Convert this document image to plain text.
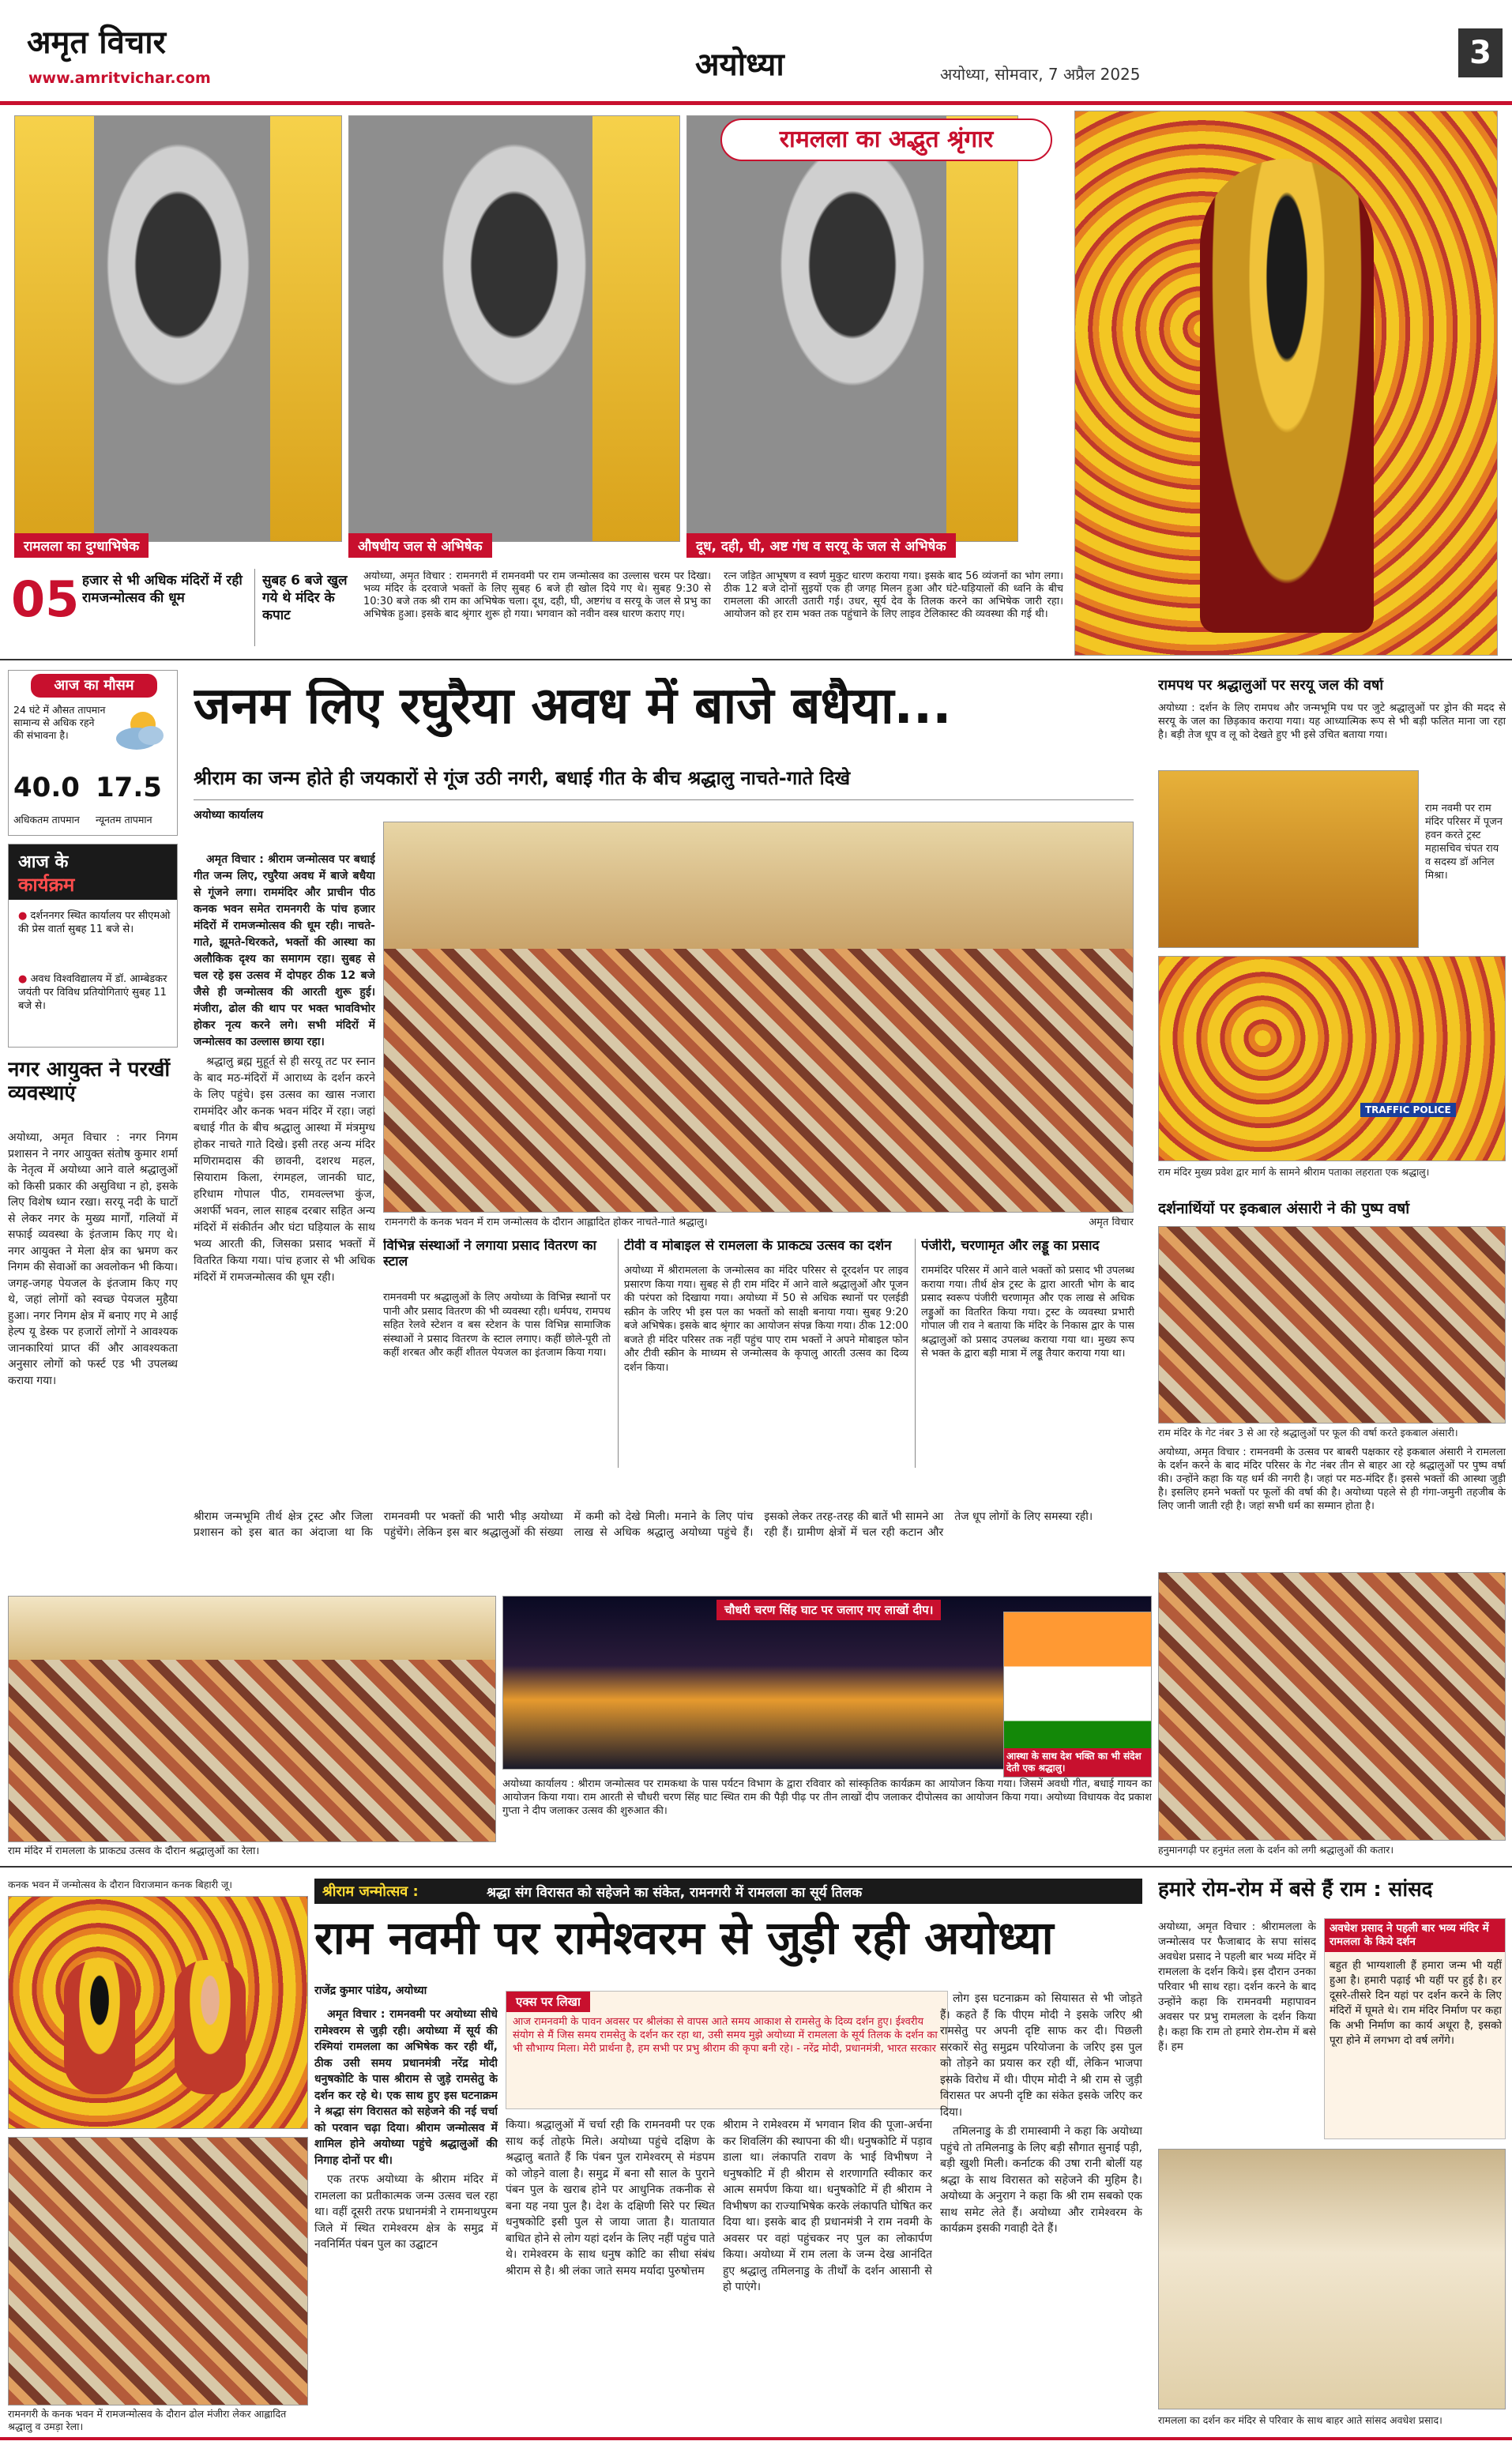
अमृत विचार
www.amritvichar.com	अयोध्या	अयोध्या, सोमवार, 7 अप्रैल 2025
3
रामलला का अद्भुत श्रृंगार
रामलला का दुग्धाभिषेक	औषधीय जल से अभिषेक	दूध, दही, घी, अष्ट गंध व सरयू के जल से अभिषेक
05 हजार से भी अधिक मंदिरों में रही रामजन्मोत्सव की धूम
सुबह 6 बजे खुल गये थे मंदिर के कपाट
अयोध्या, अमृत विचार : रामनगरी में रामनवमी पर राम जन्मोत्सव का उल्लास चरम पर दिखा। भव्य मंदिर के दरवाजे भक्तों के लिए सुबह 6 बजे ही खोल दिये गए थे। सुबह 9:30 से 10:30 बजे तक श्री राम का अभिषेक चला। दूध, दही, घी, अष्टगंध व सरयू के जल से प्रभु का अभिषेक हुआ। इसके बाद श्रृंगार शुरू हो गया। भगवान को नवीन वस्त्र धारण कराए गए।
रत्न जड़ित आभूषण व स्वर्ण मुकुट धारण कराया गया। इसके बाद 56 व्यंजनों का भोग लगा। ठीक 12 बजे दोनों सुइयों एक ही जगह मिलन हुआ और घंटे-घड़ियालों की ध्वनि के बीच रामलला की आरती उतारी गई। उधर, सूर्य देव के तिलक करने का अभिषेक जारी रहा। आयोजन को हर राम भक्त तक पहुंचाने के लिए लाइव टेलिकास्ट की व्यवस्था की गई थी।
आज का मौसम
24 घंटे में औसत तापमान सामान्य से अधिक रहने की संभावना है।
40.0 17.5
अधिकतम तापमान न्यूनतम तापमान
आज के
कार्यक्रम
● दर्शननगर स्थित कार्यालय पर सीएमओ की प्रेस वार्ता सुबह 11 बजे से।
● अवध विश्वविद्यालय में डॉ. आम्बेडकर जयंती पर विविध प्रतियोगिताएं सुबह 11 बजे से।
नगर आयुक्त ने परखीं व्यवस्थाएं
अयोध्या, अमृत विचार : नगर निगम प्रशासन ने नगर आयुक्त संतोष कुमार शर्मा के नेतृत्व में अयोध्या आने वाले श्रद्धालुओं को किसी प्रकार की असुविधा न हो, इसके लिए विशेष ध्यान रखा। सरयू नदी के घाटों से लेकर नगर के मुख्य मार्गों, गलियों में सफाई व्यवस्था के इंतजाम किए गए थे। नगर आयुक्त ने मेला क्षेत्र का भ्रमण कर निगम की सेवाओं का अवलोकन भी किया। जगह-जगह पेयजल के इंतजाम किए गए थे, जहां लोगों को स्वच्छ पेयजल मुहैया हुआ। नगर निगम क्षेत्र में बनाए गए मे आई हेल्प यू डेस्क पर हजारों लोगों ने आवश्यक जानकारियां प्राप्त कीं और आवश्यकता अनुसार लोगों को फर्स्ट एड भी उपलब्ध कराया गया।
जनम लिए रघुरैया अवध में बाजे बधैया...
श्रीराम का जन्म होते ही जयकारों से गूंज उठी नगरी, बधाई गीत के बीच श्रद्धालु नाचते-गाते दिखे
अयोध्या कार्यालय

अमृत विचार : श्रीराम जन्मोत्सव पर बधाई गीत जन्म लिए, रघुरैया अवध में बाजे बधैया से गूंजने लगा। राममंदिर और प्राचीन पीठ कनक भवन समेत रामनगरी के पांच हजार मंदिरों में रामजन्मोत्सव की धूम रही। नाचते-गाते, झूमते-थिरकते, भक्तों की आस्था का अलौकिक दृश्य का समागम रहा। सुबह से चल रहे इस उत्सव में दोपहर ठीक 12 बजे जैसे ही जन्मोत्सव की आरती शुरू हुई। मंजीरा, ढोल की थाप पर भक्त भावविभोर होकर नृत्य करने लगे। सभी मंदिरों में जन्मोत्सव का उल्लास छाया रहा।

श्रद्धालु ब्रह्म मुहूर्त से ही सरयू तट पर स्नान के बाद मठ-मंदिरों में आराध्य के दर्शन करने के लिए पहुंचे। इस उत्सव का खास नजारा राममंदिर और कनक भवन मंदिर में रहा। जहां बधाई गीत के बीच श्रद्धालु आस्था में मंत्रमुग्ध होकर नाचते गाते दिखे। इसी तरह अन्य मंदिर मणिरामदास की छावनी, दशरथ महल, सियाराम किला, रंगमहल, जानकी घाट, हरिधाम गोपाल पीठ, रामवल्लभा कुंज, अशर्फी भवन, लाल साहब दरबार सहित अन्य मंदिरों में संकीर्तन और घंटा घड़ियाल के साथ भव्य आरती की, जिसका प्रसाद भक्तों में वितरित किया गया। पांच हजार से भी अधिक मंदिरों में रामजन्मोत्सव की धूम रही।

रामनगरी के कनक भवन में राम जन्मोत्सव के दौरान आह्लादित होकर नाचते-गाते श्रद्धालु।	अमृत विचार
विभिन्न संस्थाओं ने लगाया प्रसाद वितरण का स्टाल
रामनवमी पर श्रद्धालुओं के लिए अयोध्या के विभिन्न स्थानों पर पानी और प्रसाद वितरण की भी व्यवस्था रही। धर्मपथ, रामपथ सहित रेलवे स्टेशन व बस स्टेशन के पास विभिन्न सामाजिक संस्थाओं ने प्रसाद वितरण के स्टाल लगाए। कहीं छोले-पूरी तो कहीं शरबत और कहीं शीतल पेयजल का इंतजाम किया गया।
टीवी व मोबाइल से रामलला के प्राकट्य उत्सव का दर्शन
अयोध्या में श्रीरामलला के जन्मोत्सव का मंदिर परिसर से दूरदर्शन पर लाइव प्रसारण किया गया। सुबह से ही राम मंदिर में आने वाले श्रद्धालुओं और पूजन की परंपरा को दिखाया गया। अयोध्या में 50 से अधिक स्थानों पर एलईडी स्क्रीन के जरिए भी इस पल का भक्तों को साक्षी बनाया गया। सुबह 9:20 बजे अभिषेक। इसके बाद श्रृंगार का आयोजन संपन्न किया गया। ठीक 12:00 बजते ही मंदिर परिसर तक नहीं पहुंच पाए राम भक्तों ने अपने मोबाइल फोन और टीवी स्क्रीन के माध्यम से जन्मोत्सव के कृपालु आरती उत्सव का दिव्य दर्शन किया।
पंजीरी, चरणामृत और लड्डू का प्रसाद
राममंदिर परिसर में आने वाले भक्तों को प्रसाद भी उपलब्ध कराया गया। तीर्थ क्षेत्र ट्रस्ट के द्वारा आरती भोग के बाद प्रसाद स्वरूप पंजीरी चरणामृत और एक लाख से अधिक लड्डुओं का वितरित किया गया। ट्रस्ट के व्यवस्था प्रभारी गोपाल जी राव ने बताया कि मंदिर के निकास द्वार के पास श्रद्धालुओं को प्रसाद उपलब्ध कराया गया था। मुख्य रूप से भक्त के द्वारा बड़ी मात्रा में लड्डू तैयार कराया गया था।
श्रीराम जन्मभूमि तीर्थ क्षेत्र ट्रस्ट और जिला प्रशासन को इस बात का अंदाजा था कि रामनवमी पर भक्तों की भारी भीड़ अयोध्या पहुंचेंगे। लेकिन इस बार श्रद्धालुओं की संख्या में कमी को देखे मिली। मनाने के लिए पांच लाख से अधिक श्रद्धालु अयोध्या पहुंचे हैं। इसको लेकर तरह-तरह की बातें भी सामने आ रही हैं। ग्रामीण क्षेत्रों में चल रही कटान और तेज धूप लोगों के लिए समस्या रही।
रामपथ पर श्रद्धालुओं पर सरयू जल की वर्षा
अयोध्या : दर्शन के लिए रामपथ और जन्मभूमि पथ पर जुटे श्रद्धालुओं पर ड्रोन की मदद से सरयू के जल का छिड़काव कराया गया। यह आध्यात्मिक रूप से भी बड़ी फलित माना जा रहा है। बड़ी तेज धूप व लू को देखते हुए भी इसे उचित बताया गया।
राम नवमी पर राम मंदिर परिसर में पूजन हवन करते ट्रस्ट महासचिव चंपत राय व सदस्य डॉ अनिल मिश्रा।
TRAFFIC POLICE
राम मंदिर मुख्य प्रवेश द्वार मार्ग के सामने श्रीराम पताका लहराता एक श्रद्धालु।
दर्शनार्थियों पर इकबाल अंसारी ने की पुष्प वर्षा
राम मंदिर के गेट नंबर 3 से आ रहे श्रद्धालुओं पर फूल की वर्षा करते इकबाल अंसारी।
अयोध्या, अमृत विचार : रामनवमी के उत्सव पर बाबरी पक्षकार रहे इकबाल अंसारी ने रामलला के दर्शन करने के बाद मंदिर परिसर के गेट नंबर तीन से बाहर आ रहे श्रद्धालुओं पर पुष्प वर्षा की। उन्होंने कहा कि यह धर्म की नगरी है। जहां पर मठ-मंदिर हैं। इससे भक्तों की आस्था जुड़ी है। इसलिए हमने भक्तों पर फूलों की वर्षा की है। अयोध्या पहले से ही गंगा-जमुनी तहजीब के लिए जानी जाती रही है। जहां सभी धर्म का सम्मान होता है।
हनुमानगढ़ी पर हनुमंत लला के दर्शन को लगी श्रद्धालुओं की कतार।
राम मंदिर में रामलला के प्राकट्य उत्सव के दौरान श्रद्धालुओं का रेला।
चौधरी चरण सिंह घाट पर जलाए गए लाखों दीप।
आस्था के साथ देश भक्ति का भी संदेश देती एक श्रद्धालु।
अयोध्या कार्यालय : श्रीराम जन्मोत्सव पर रामकथा के पास पर्यटन विभाग के द्वारा रविवार को सांस्कृतिक कार्यक्रम का आयोजन किया गया। जिसमें अवधी गीत, बधाई गायन का आयोजन किया गया। राम आरती से चौधरी चरण सिंह घाट स्थित राम की पैड़ी पीढ़ पर तीन लाखों दीप जलाकर दीपोत्सव का आयोजन किया गया। अयोध्या विधायक वेद प्रकाश गुप्ता ने दीप जलाकर उत्सव की शुरुआत की।
कनक भवन में जन्मोत्सव के दौरान विराजमान कनक बिहारी जू।
रामनगरी के कनक भवन में रामजन्मोत्सव के दौरान ढोल मंजीरा लेकर आह्लादित श्रद्धालु व उमड़ा रेला।
श्रीराम जन्मोत्सव :	श्रद्धा संग विरासत को सहेजने का संकेत, रामनगरी में रामलला का सूर्य तिलक
राम नवमी पर रामेश्वरम से जुड़ी रही अयोध्या
राजेंद्र कुमार पांडेय, अयोध्या
एक्स पर लिखा
आज रामनवमी के पावन अवसर पर श्रीलंका से वापस आते समय आकाश से रामसेतु के दिव्य दर्शन हुए। ईश्वरीय संयोग से मैं जिस समय रामसेतु के दर्शन कर रहा था, उसी समय मुझे अयोध्या में रामलला के सूर्य तिलक के दर्शन का भी सौभाग्य मिला। मेरी प्रार्थना है, हम सभी पर प्रभु श्रीराम की कृपा बनी रहे। - नरेंद्र मोदी, प्रधानमंत्री, भारत सरकार

अमृत विचार : रामनवमी पर अयोध्या सीधे रामेश्वरम से जुड़ी रही। अयोध्या में सूर्य की रश्मियां रामलला का अभिषेक कर रही थीं, ठीक उसी समय प्रधानमंत्री नरेंद्र मोदी धनुषकोटि के पास श्रीराम से जुड़े रामसेतु के दर्शन कर रहे थे। एक साथ हुए इस घटनाक्रम ने श्रद्धा संग विरासत को सहेजने की नई चर्चा को परवान चढ़ा दिया। श्रीराम जन्मोत्सव में शामिल होने अयोध्या पहुंचे श्रद्धालुओं की निगाह दोनों पर थी।

एक तरफ अयोध्या के श्रीराम मंदिर में रामलला का प्रतीकात्मक जन्म उत्सव चल रहा था। वहीं दूसरी तरफ प्रधानमंत्री ने रामनाथपुरम जिले में स्थित रामेश्वरम क्षेत्र के समुद्र में नवनिर्मित पंबन पुल का उद्घाटन

किया। श्रद्धालुओं में चर्चा रही कि रामनवमी पर एक साथ कई तोहफे मिले। अयोध्या पहुंचे दक्षिण के श्रद्धालु बताते हैं कि पंबन पुल रामेश्वरम् से मंडपम को जोड़ने वाला है। समुद्र में बना सौ साल के पुराने पंबन पुल के खराब होने पर आधुनिक तकनीक से बना यह नया पुल है। देश के दक्षिणी सिरे पर स्थित धनुषकोटि इसी पुल से जाया जाता है। यातायात बाधित होने से लोग यहां दर्शन के लिए नहीं पहुंच पाते थे। रामेश्वरम के साथ धनुष कोटि का सीधा संबंध श्रीराम से है। श्री लंका जाते समय मर्यादा पुरुषोत्तम
श्रीराम ने रामेश्वरम में भगवान शिव की पूजा-अर्चना कर शिवलिंग की स्थापना की थी। धनुषकोटि में पड़ाव डाला था। लंकापति रावण के भाई विभीषण ने धनुषकोटि में ही श्रीराम से शरणागति स्वीकार कर आत्म समर्पण किया था। धनुषकोटि में ही श्रीराम ने विभीषण का राज्याभिषेक करके लंकापति घोषित कर दिया था। इसके बाद ही प्रधानमंत्री ने राम नवमी के अवसर पर वहां पहुंचकर नए पुल का लोकार्पण किया। अयोध्या में राम लला के जन्म देख आनंदित हुए श्रद्धालु तमिलनाडु के तीर्थों के दर्शन आसानी से हो पाएंगे।

लोग इस घटनाक्रम को सियासत से भी जोड़ते हैं। कहते हैं कि पीएम मोदी ने इसके जरिए श्री रामसेतु पर अपनी दृष्टि साफ कर दी। पिछली सरकारें सेतु समुद्रम परियोजना के जरिए इस पुल को तोड़ने का प्रयास कर रही थीं, लेकिन भाजपा इसके विरोध में थी। पीएम मोदी ने श्री राम से जुड़ी विरासत पर अपनी दृष्टि का संकेत इसके जरिए कर दिया।

तमिलनाडु के डी रामास्वामी ने कहा कि अयोध्या पहुंचे तो तमिलनाडु के लिए बड़ी सौगात सुनाई पड़ी, बड़ी खुशी मिली। कर्नाटक की उषा रानी बोलीं यह श्रद्धा के साथ विरासत को सहेजने की मुहिम है। अयोध्या के अनुराग ने कहा कि श्री राम सबको एक साथ समेट लेते हैं। अयोध्या और रामेश्वरम के कार्यक्रम इसकी गवाही देते हैं।

हमारे रोम-रोम में बसे हैं राम : सांसद
अयोध्या, अमृत विचार : श्रीरामलला के जन्मोत्सव पर फैजाबाद के सपा सांसद अवधेश प्रसाद ने पहली बार भव्य मंदिर में रामलला के दर्शन किये। इस दौरान उनका परिवार भी साथ रहा। दर्शन करने के बाद उन्होंने कहा कि रामनवमी महापावन अवसर पर प्रभु रामलला के दर्शन किया है। कहा कि राम तो हमारे रोम-रोम में बसे हैं। हम
अवधेश प्रसाद ने पहली बार भव्य मंदिर में रामलला के किये दर्शन
बहुत ही भाग्यशाली हैं हमारा जन्म भी यहीं हुआ है। हमारी पढ़ाई भी यहीं पर हुई है। हर दूसरे-तीसरे दिन यहां पर दर्शन करने के लिए मंदिरों में घूमते थे। राम मंदिर निर्माण पर कहा कि अभी निर्माण का कार्य अधूरा है, इसको पूरा होने में लगभग दो वर्ष लगेंगे।
रामलला का दर्शन कर मंदिर से परिवार के साथ बाहर आते सांसद अवधेश प्रसाद।
